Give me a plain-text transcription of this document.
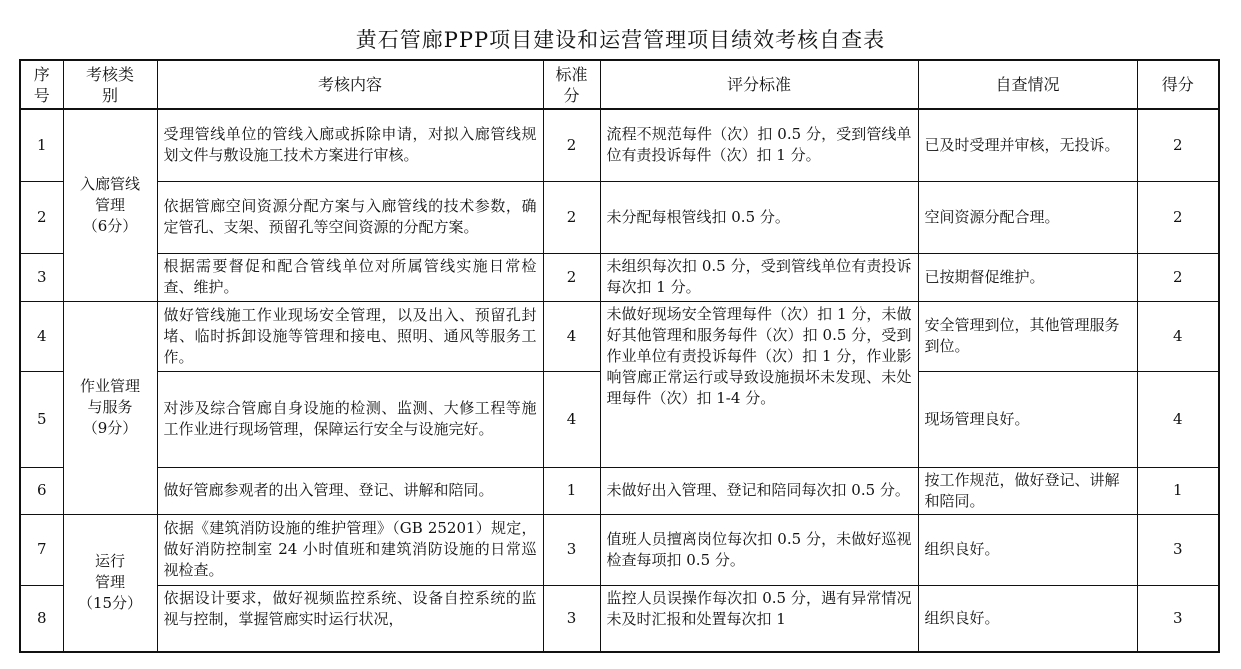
黄石管廊PPP项目建设和运营管理项目绩效考核自查表
序号	考核类别	考核内容	标准分	评分标准	自查情况	得分
1	入廊管线
管理
（6分）	受理管线单位的管线入廊或拆除申请，对拟入廊管线规划文件与敷设施工技术方案进行审核。	2	流程不规范每件（次）扣 0.5 分，受到管线单位有责投诉每件（次）扣 1 分。	已及时受理并审核，无投诉。	2
2		依据管廊空间资源分配方案与入廊管线的技术参数，确定管孔、支架、预留孔等空间资源的分配方案。	2	未分配每根管线扣 0.5 分。	空间资源分配合理。	2
3		根据需要督促和配合管线单位对所属管线实施日常检查、维护。	2	未组织每次扣 0.5 分，受到管线单位有责投诉每次扣 1 分。	已按期督促维护。	2
4	作业管理
与服务
（9分）	做好管线施工作业现场安全管理，以及出入、预留孔封堵、临时拆卸设施等管理和接电、照明、通风等服务工作。	4	未做好现场安全管理每件（次）扣 1 分，未做好其他管理和服务每件（次）扣 0.5 分，受到作业单位有责投诉每件（次）扣 1 分，作业影响管廊正常运行或导致设施损坏未发现、未处理每件（次）扣 1-4 分。	安全管理到位，其他管理服务到位。	4
5		对涉及综合管廊自身设施的检测、监测、大修工程等施工作业进行现场管理，保障运行安全与设施完好。	4		现场管理良好。	4
6		做好管廊参观者的出入管理、登记、讲解和陪同。	1	未做好出入管理、登记和陪同每次扣 0.5 分。	按工作规范，做好登记、讲解和陪同。	1
7	运行
管理
（15分）	依据《建筑消防设施的维护管理》（GB 25201）规定，做好消防控制室 24 小时值班和建筑消防设施的日常巡视检查。	3	值班人员擅离岗位每次扣 0.5 分，未做好巡视检查每项扣 0.5 分。	组织良好。	3
8		依据设计要求，做好视频监控系统、设备自控系统的监视与控制，掌握管廊实时运行状况，	3	监控人员误操作每次扣 0.5 分，遇有异常情况未及时汇报和处置每次扣 1	组织良好。	3
